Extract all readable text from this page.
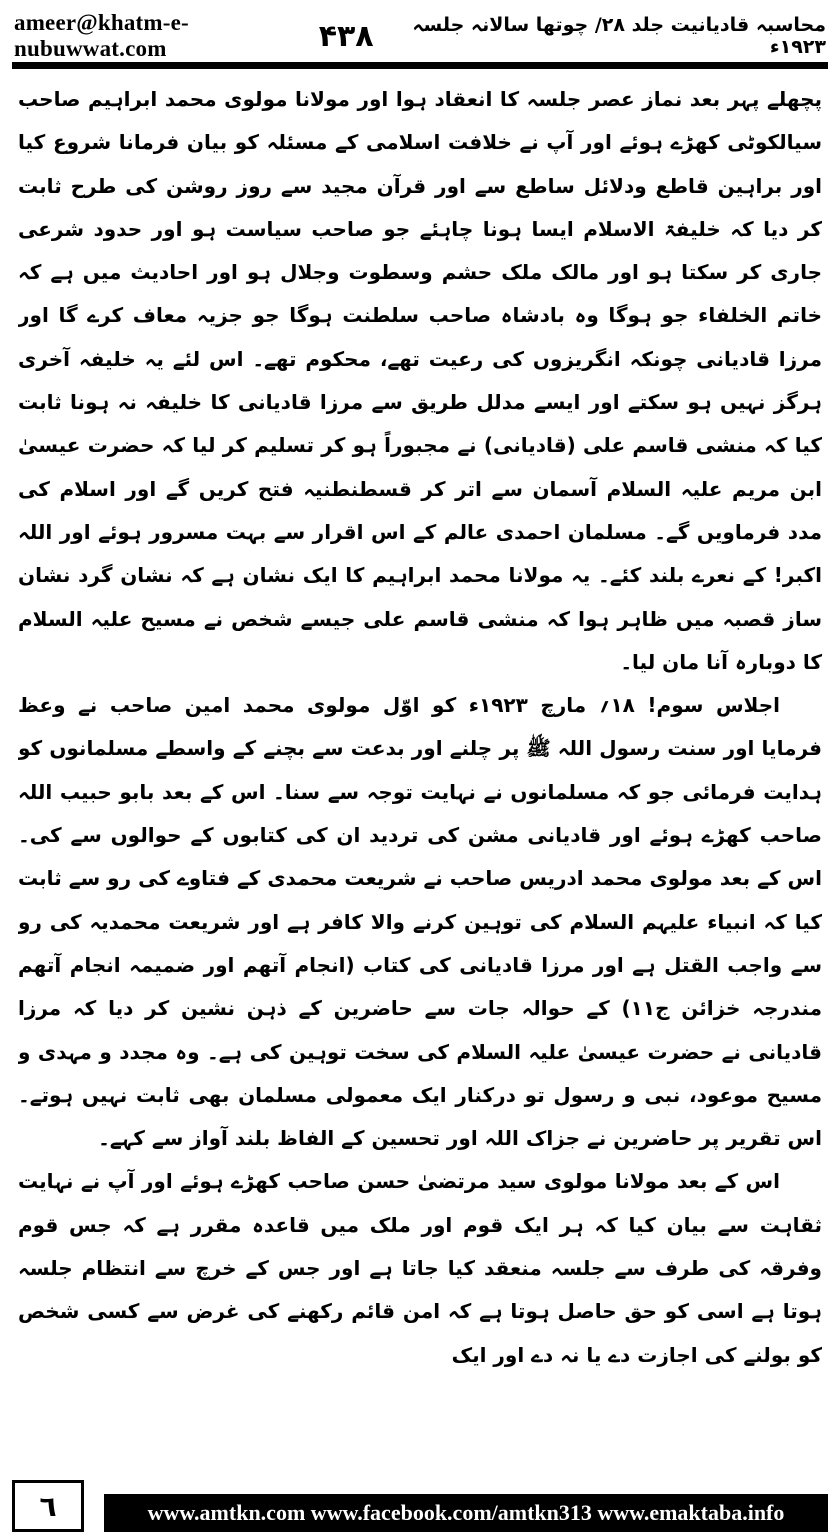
ameer@khatm-e-nubuwwat.com	۴۳۸	محاسبہ قادیانیت جلد ۲۸/ چوتھا سالانہ جلسہ ۱۹۲۳ء

پچھلے پہر بعد نماز عصر جلسہ کا انعقاد ہوا اور مولانا مولوی محمد ابراہیم صاحب سیالکوٹی کھڑے ہوئے اور آپ نے خلافت اسلامی کے مسئلہ کو بیان فرمانا شروع کیا اور براہین قاطع ودلائل ساطع سے اور قرآن مجید سے روز روشن کی طرح ثابت کر دیا کہ خلیفۃ الاسلام ایسا ہونا چاہئے جو صاحب سیاست ہو اور حدود شرعی جاری کر سکتا ہو اور مالک ملک حشم وسطوت وجلال ہو اور احادیث میں ہے کہ خاتم الخلفاء جو ہوگا وہ بادشاہ صاحب سلطنت ہوگا جو جزیہ معاف کرے گا اور مرزا قادیانی چونکہ انگریزوں کی رعیت تھے، محکوم تھے۔ اس لئے یہ خلیفہ آخری ہرگز نہیں ہو سکتے اور ایسے مدلل طریق سے مرزا قادیانی کا خلیفہ نہ ہونا ثابت کیا کہ منشی قاسم علی (قادیانی) نے مجبوراً ہو کر تسلیم کر لیا کہ حضرت عیسیٰ ابن مریم علیہ السلام آسمان سے اتر کر قسطنطنیہ فتح کریں گے اور اسلام کی مدد فرماویں گے۔ مسلمان احمدی عالم کے اس اقرار سے بہت مسرور ہوئے اور اللہ اکبر! کے نعرے بلند کئے۔ یہ مولانا محمد ابراہیم کا ایک نشان ہے کہ نشان گرد نشان ساز قصبہ میں ظاہر ہوا کہ منشی قاسم علی جیسے شخص نے مسیح علیہ السلام کا دوبارہ آنا مان لیا۔

اجلاس سوم! ۱۸؍ مارچ ۱۹۲۳ء کو اوّل مولوی محمد امین صاحب نے وعظ فرمایا اور سنت رسول اللہ ﷺ پر چلنے اور بدعت سے بچنے کے واسطے مسلمانوں کو ہدایت فرمائی جو کہ مسلمانوں نے نہایت توجہ سے سنا۔ اس کے بعد بابو حبیب اللہ صاحب کھڑے ہوئے اور قادیانی مشن کی تردید ان کی کتابوں کے حوالوں سے کی۔ اس کے بعد مولوی محمد ادریس صاحب نے شریعت محمدی کے فتاوے کی رو سے ثابت کیا کہ انبیاء علیہم السلام کی توہین کرنے والا کافر ہے اور شریعت محمدیہ کی رو سے واجب القتل ہے اور مرزا قادیانی کی کتاب (انجام آتھم اور ضمیمہ انجام آتھم مندرجہ خزائن ج۱۱) کے حوالہ جات سے حاضرین کے ذہن نشین کر دیا کہ مرزا قادیانی نے حضرت عیسیٰ علیہ السلام کی سخت توہین کی ہے۔ وہ مجدد و مہدی و مسیح موعود، نبی و رسول تو درکنار ایک معمولی مسلمان بھی ثابت نہیں ہوتے۔ اس تقریر پر حاضرین نے جزاک اللہ اور تحسین کے الفاظ بلند آواز سے کہے۔

اس کے بعد مولانا مولوی سید مرتضیٰ حسن صاحب کھڑے ہوئے اور آپ نے نہایت ثقاہت سے بیان کیا کہ ہر ایک قوم اور ملک میں قاعدہ مقرر ہے کہ جس قوم وفرقہ کی طرف سے جلسہ منعقد کیا جاتا ہے اور جس کے خرچ سے انتظام جلسہ ہوتا ہے اسی کو حق حاصل ہوتا ہے کہ امن قائم رکھنے کی غرض سے کسی شخص کو بولنے کی اجازت دے یا نہ دے اور ایک

www.amtkn.com www.facebook.com/amtkn313 www.emaktaba.info
٦
